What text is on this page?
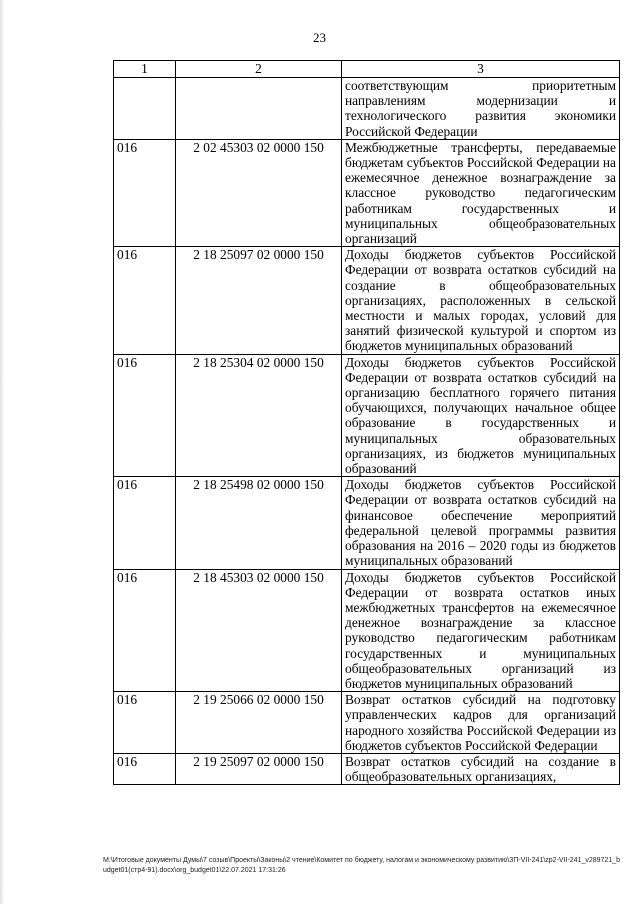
23
1	2	3
		соответствующим приоритетным направлениям модернизации и технологического развития экономики Российской Федерации
016	2 02 45303 02 0000 150	Межбюджетные трансферты, передаваемые бюджетам субъектов Российской Федерации на ежемесячное денежное вознаграждение за классное руководство педагогическим работникам государственных и муниципальных общеобразовательных организаций
016	2 18 25097 02 0000 150	Доходы бюджетов субъектов Российской Федерации от возврата остатков субсидий на создание в общеобразовательных организациях, расположенных в сельской местности и малых городах, условий для занятий физической культурой и спортом из бюджетов муниципальных образований
016	2 18 25304 02 0000 150	Доходы бюджетов субъектов Российской Федерации от возврата остатков субсидий на организацию бесплатного горячего питания обучающихся, получающих начальное общее образование в государственных и муниципальных образовательных организациях, из бюджетов муниципальных образований
016	2 18 25498 02 0000 150	Доходы бюджетов субъектов Российской Федерации от возврата остатков субсидий на финансовое обеспечение мероприятий федеральной целевой программы развития образования на 2016 – 2020 годы из бюджетов муниципальных образований
016	2 18 45303 02 0000 150	Доходы бюджетов субъектов Российской Федерации от возврата остатков иных межбюджетных трансфертов на ежемесячное денежное вознаграждение за классное руководство педагогическим работникам государственных и муниципальных общеобразовательных организаций из бюджетов муниципальных образований
016	2 19 25066 02 0000 150	Возврат остатков субсидий на подготовку управленческих кадров для организаций народного хозяйства Российской Федерации из бюджетов субъектов Российской Федерации
016	2 19 25097 02 0000 150	Возврат остатков субсидий на создание в общеобразовательных организациях,
M:\Итоговые документы Думы\7 созыв\Проекты\Законы\2 чтение\Комитет по бюджету, налогам и экономическому развитию\ЗП-VII-241\zp2-VII-241_v289721_budget01(стр4-91).docx\org_budget01\22.07.2021 17:31:26
